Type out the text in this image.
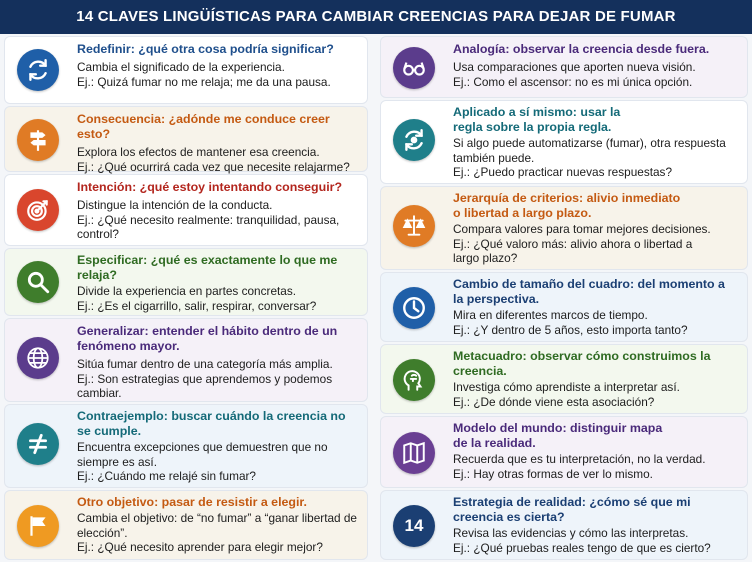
14 CLAVES LINGÜÍSTICAS PARA CAMBIAR CREENCIAS PARA DEJAR DE FUMAR
Redefinir: ¿qué otra cosa podría significar?
Cambia el significado de la experiencia.
Ej.: Quizá fumar no me relaja; me da una pausa.
Consecuencia: ¿adónde me conduce creer esto?
Explora los efectos de mantener esa creencia.
Ej.: ¿Qué ocurrirá cada vez que necesite relajarme?
Intención: ¿qué estoy intentando conseguir?
Distingue la intención de la conducta.
Ej.: ¿Qué necesito realmente: tranquilidad, pausa, control?
Especificar: ¿qué es exactamente lo que me relaja?
Divide la experiencia en partes concretas.
Ej.: ¿Es el cigarrillo, salir, respirar, conversar?
Generalizar: entender el hábito dentro de un fenómeno mayor.
Sitúa fumar dentro de una categoría más amplia.
Ej.: Son estrategias que aprendemos y podemos cambiar.
Contraejemplo: buscar cuándo la creencia no se cumple.
Encuentra excepciones que demuestren que no siempre es así.
Ej.: ¿Cuándo me relajé sin fumar?
Otro objetivo: pasar de resistir a elegir.
Cambia el objetivo: de “no fumar” a “ganar libertad de elección”.
Ej.: ¿Qué necesito aprender para elegir mejor?
Analogía: observar la creencia desde fuera.
Usa comparaciones que aporten nueva visión.
Ej.: Como el ascensor: no es mi única opción.
Aplicado a sí mismo: usar la regla sobre la propia regla.
Si algo puede automatizarse (fumar), otra respuesta también puede.
Ej.: ¿Puedo practicar nuevas respuestas?
Jerarquía de criterios: alivio inmediato o libertad a largo plazo.
Compara valores para tomar mejores decisiones.
Ej.: ¿Qué valoro más: alivio ahora o libertad a largo plazo?
Cambio de tamaño del cuadro: del momento a la perspectiva.
Mira en diferentes marcos de tiempo.
Ej.: ¿Y dentro de 5 años, esto importa tanto?
Metacuadro: observar cómo construimos la creencia.
Investiga cómo aprendiste a interpretar así.
Ej.: ¿De dónde viene esta asociación?
Modelo del mundo: distinguir mapa de la realidad.
Recuerda que es tu interpretación, no la verdad.
Ej.: Hay otras formas de ver lo mismo.
14
Estrategia de realidad: ¿cómo sé que mi creencia es cierta?
Revisa las evidencias y cómo las interpretas.
Ej.: ¿Qué pruebas reales tengo de que es cierto?
